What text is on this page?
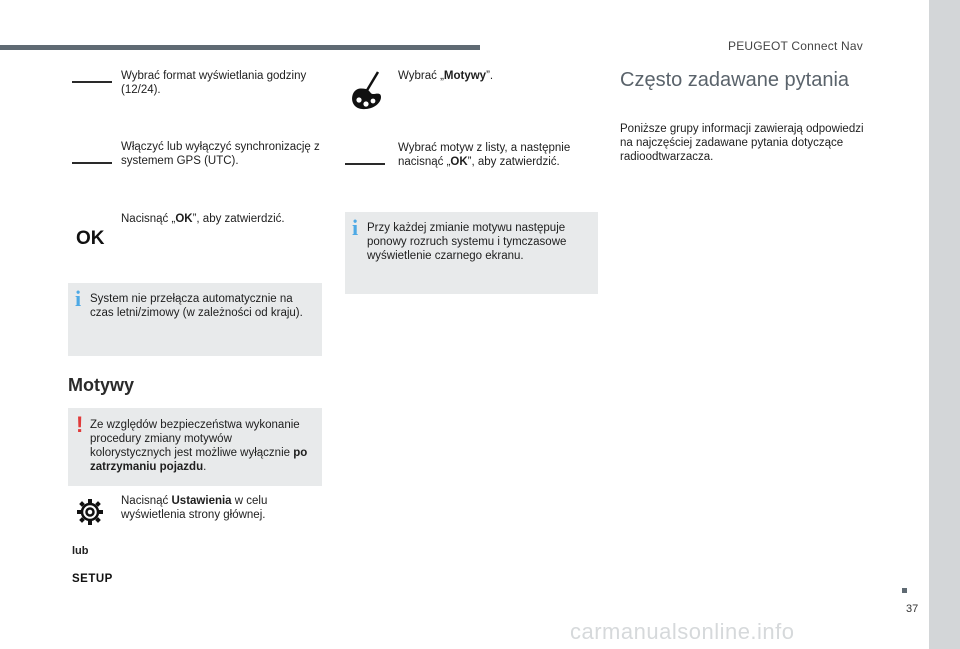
PEUGEOT Connect Nav
Wybrać format wyświetlania godziny (12/24).
Włączyć lub wyłączyć synchronizację z systemem GPS (UTC).
OK
Nacisnąć „OK”, aby zatwierdzić.
i System nie przełącza automatycznie na czas letni/zimowy (w zależności od kraju).
Motywy
! Ze względów bezpieczeństwa wykonanie procedury zmiany motywów kolorystycznych jest możliwe wyłącznie po zatrzymaniu pojazdu.
Nacisnąć Ustawienia w celu wyświetlenia strony głównej.
lub
SETUP
Wybrać „Motywy”.
Wybrać motyw z listy, a następnie nacisnąć „OK”, aby zatwierdzić.
i Przy każdej zmianie motywu następuje ponowy rozruch systemu i tymczasowe wyświetlenie czarnego ekranu.
Często zadawane pytania
Poniższe grupy informacji zawierają odpowiedzi na najczęściej zadawane pytania dotyczące radioodtwarzacza.
37
carmanualsonline.info
